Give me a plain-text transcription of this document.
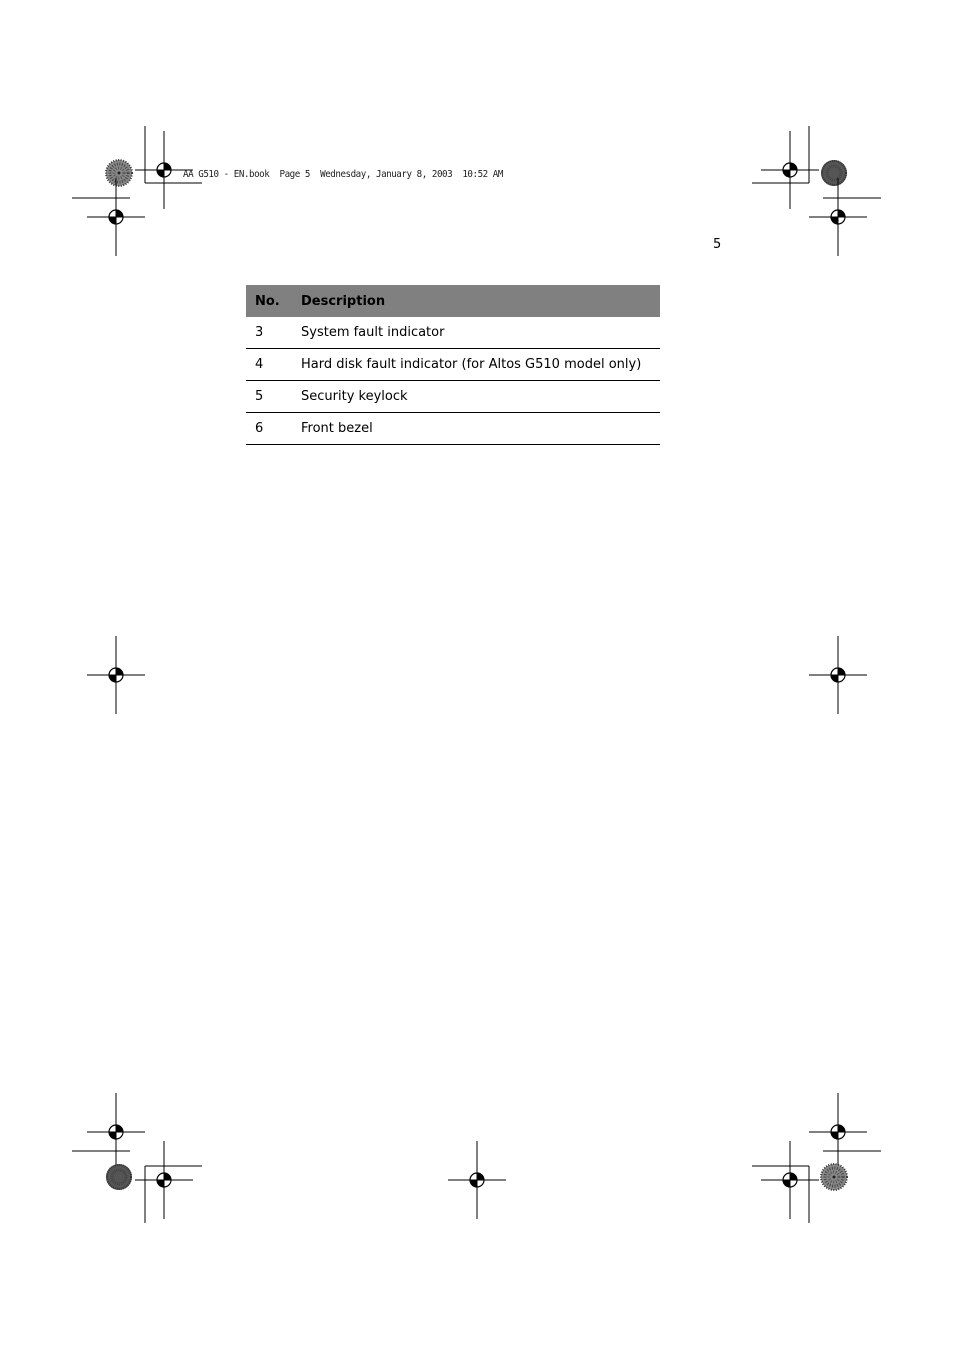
AA G510 - EN.book  Page 5  Wednesday, January 8, 2003  10:52 AM
5
No.	Description
3	System fault indicator
4	Hard disk fault indicator (for Altos G510 model only)
5	Security keylock
6	Front bezel
